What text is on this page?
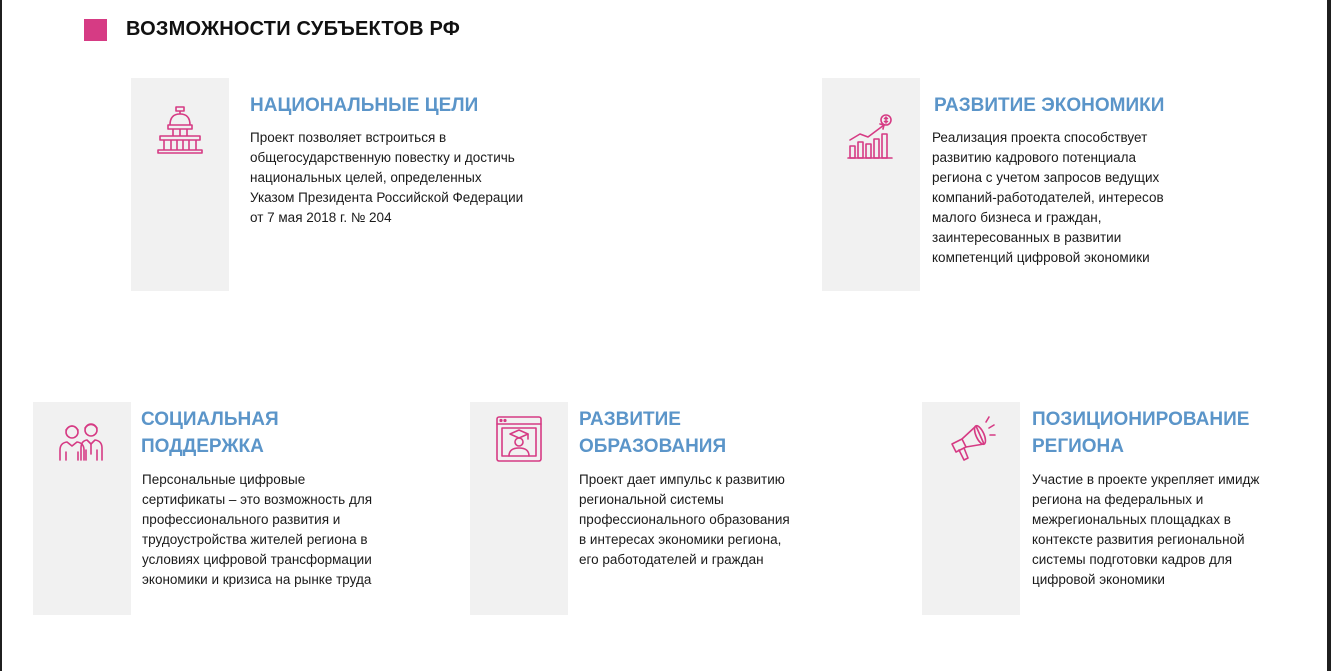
ВОЗМОЖНОСТИ СУБЪЕКТОВ РФ
НАЦИОНАЛЬНЫЕ ЦЕЛИ
Проект позволяет встроиться в
общегосударственную повестку и достичь
национальных целей, определенных
Указом Президента Российской Федерации
от 7 мая 2018 г. № 204
РАЗВИТИЕ ЭКОНОМИКИ
Реализация проекта способствует
развитию кадрового потенциала
региона с учетом запросов ведущих
компаний-работодателей, интересов
малого бизнеса и граждан,
заинтересованных в развитии
компетенций цифровой экономики
СОЦИАЛЬНАЯ
ПОДДЕРЖКА
Персональные цифровые
сертификаты – это возможность для
профессионального развития и
трудоустройства жителей региона в
условиях цифровой трансформации
экономики и кризиса на рынке труда
РАЗВИТИЕ
ОБРАЗОВАНИЯ
Проект дает импульс к развитию
региональной системы
профессионального образования
в интересах экономики региона,
его работодателей и граждан
ПОЗИЦИОНИРОВАНИЕ
РЕГИОНА
Участие в проекте укрепляет имидж
региона на федеральных и
межрегиональных площадках в
контексте развития региональной
системы подготовки кадров для
цифровой экономики
